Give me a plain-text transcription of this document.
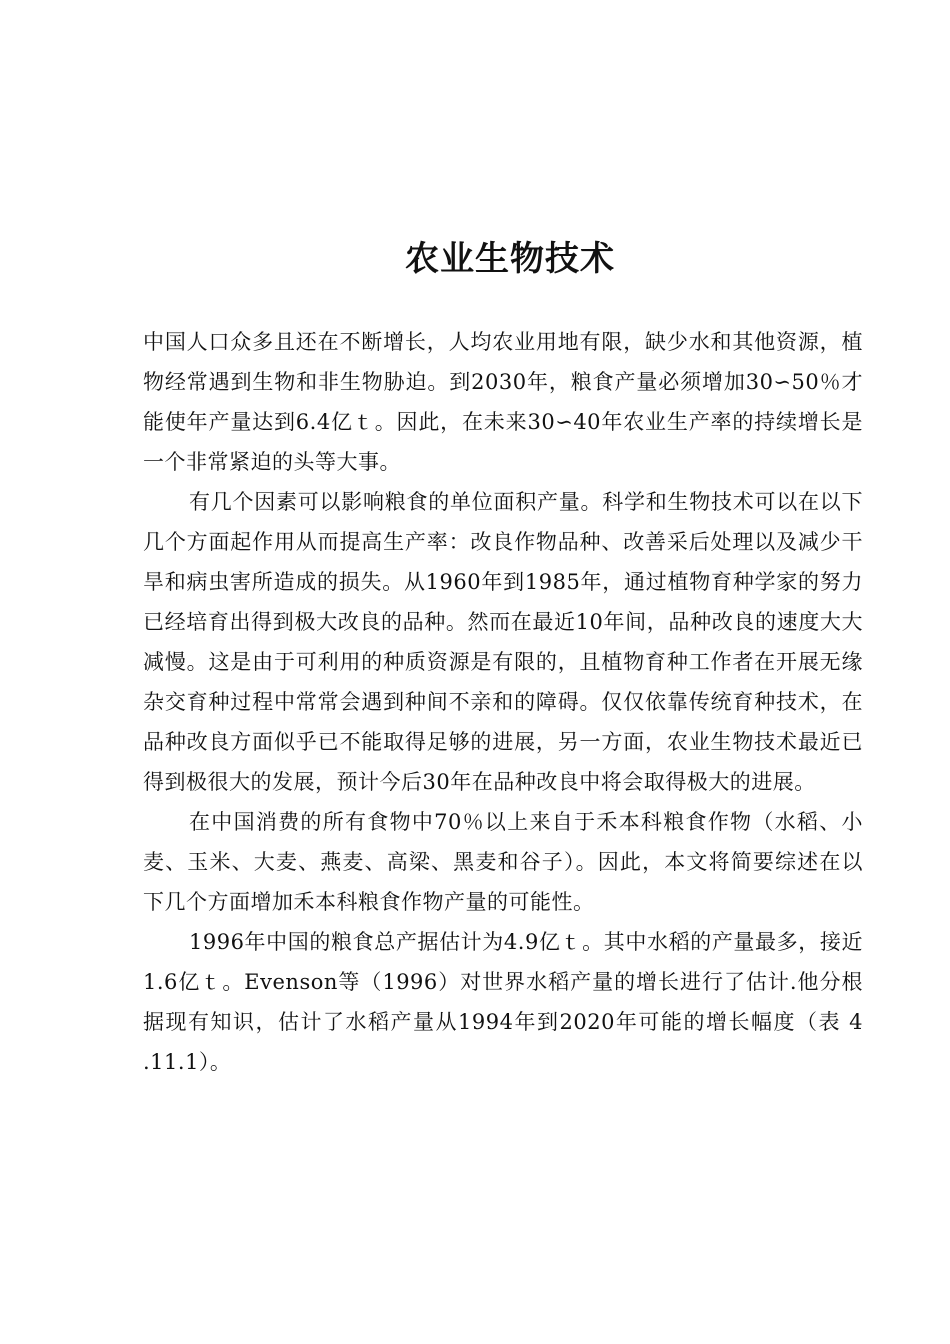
农业生物技术

中国人口众多且还在不断增长，人均农业用地有限，缺少水和其他资源，植物经常遇到生物和非生物胁迫。到2030年，粮食产量必须增加30∽50％才能使年产量达到6.4亿ｔ。因此，在未来30∽40年农业生产率的持续增长是一个非常紧迫的头等大事。

有几个因素可以影响粮食的单位面积产量。科学和生物技术可以在以下几个方面起作用从而提高生产率：改良作物品种、改善采后处理以及减少干旱和病虫害所造成的损失。从1960年到1985年，通过植物育种学家的努力已经培育出得到极大改良的品种。然而在最近10年间，品种改良的速度大大减慢。这是由于可利用的种质资源是有限的，且植物育种工作者在开展无缘杂交育种过程中常常会遇到种间不亲和的障碍。仅仅依靠传统育种技术，在品种改良方面似乎已不能取得足够的进展，另一方面，农业生物技术最近已得到极很大的发展，预计今后30年在品种改良中将会取得极大的进展。

在中国消费的所有食物中70％以上来自于禾本科粮食作物（水稻、小麦、玉米、大麦、燕麦、高梁、黑麦和谷子）。因此，本文将简要综述在以下几个方面增加禾本科粮食作物产量的可能性。

1996年中国的粮食总产据估计为4.9亿ｔ。其中水稻的产量最多，接近1.6亿ｔ。Evenson等（1996）对世界水稻产量的增长进行了估计.他分根据现有知识，估计了水稻产量从1994年到2020年可能的增长幅度（表 4 .11.1）。
